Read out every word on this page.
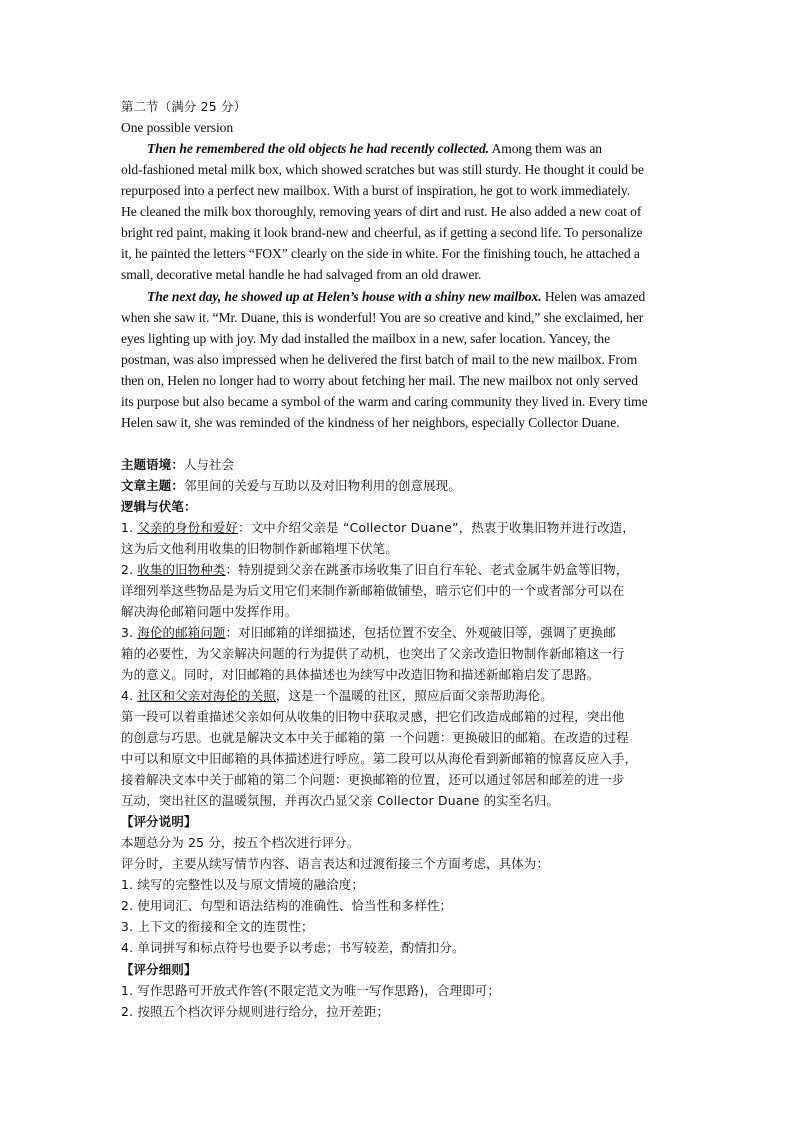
第二节（满分 25 分）
One possible version
Then he remembered the old objects he had recently collected. Among them was an
old-fashioned metal milk box, which showed scratches but was still sturdy. He thought it could be
repurposed into a perfect new mailbox. With a burst of inspiration, he got to work immediately.
He cleaned the milk box thoroughly, removing years of dirt and rust. He also added a new coat of
bright red paint, making it look brand-new and cheerful, as if getting a second life. To personalize
it, he painted the letters “FOX” clearly on the side in white. For the finishing touch, he attached a
small, decorative metal handle he had salvaged from an old drawer.
The next day, he showed up at Helen’s house with a shiny new mailbox. Helen was amazed
when she saw it. “Mr. Duane, this is wonderful! You are so creative and kind,” she exclaimed, her
eyes lighting up with joy. My dad installed the mailbox in a new, safer location. Yancey, the
postman, was also impressed when he delivered the first batch of mail to the new mailbox. From
then on, Helen no longer had to worry about fetching her mail. The new mailbox not only served
its purpose but also became a symbol of the warm and caring community they lived in. Every time
Helen saw it, she was reminded of the kindness of her neighbors, especially Collector Duane.
主题语境：人与社会
文章主题：邻里间的关爱与互助以及对旧物利用的创意展现。
逻辑与伏笔：
1. 父亲的身份和爱好：文中介绍父亲是 “Collector Duane”，热衷于收集旧物并进行改造，
这为后文他利用收集的旧物制作新邮箱埋下伏笔。
2. 收集的旧物种类：特别提到父亲在跳蚤市场收集了旧自行车轮、老式金属牛奶盒等旧物，
详细列举这些物品是为后文用它们来制作新邮箱做铺垫，暗示它们中的一个或者部分可以在
解决海伦邮箱问题中发挥作用。
3. 海伦的邮箱问题：对旧邮箱的详细描述，包括位置不安全、外观破旧等，强调了更换邮
箱的必要性，为父亲解决问题的行为提供了动机，也突出了父亲改造旧物制作新邮箱这一行
为的意义。同时，对旧邮箱的具体描述也为续写中改造旧物和描述新邮箱启发了思路。
4. 社区和父亲对海伦的关照，这是一个温暖的社区，照应后面父亲帮助海伦。
第一段可以着重描述父亲如何从收集的旧物中获取灵感，把它们改造成邮箱的过程，突出他
的创意与巧思。也就是解决文本中关于邮箱的第 一个问题：更换破旧的邮箱。在改造的过程
中可以和原文中旧邮箱的具体描述进行呼应。第二段可以从海伦看到新邮箱的惊喜反应入手，
接着解决文本中关于邮箱的第二个问题：更换邮箱的位置，还可以通过邻居和邮差的进一步
互动，突出社区的温暖氛围，并再次凸显父亲 Collector Duane 的实至名归。
【评分说明】
本题总分为 25 分，按五个档次进行评分。
评分时，主要从续写情节内容、语言表达和过渡衔接三个方面考虑，具体为：
1. 续写的完整性以及与原文情境的融洽度；
2. 使用词汇、句型和语法结构的准确性、恰当性和多样性；
3. 上下文的衔接和全文的连贯性；
4. 单词拼写和标点符号也要予以考虑；书写较差，酌情扣分。
【评分细则】
1. 写作思路可开放式作答(不限定范文为唯一写作思路)，合理即可；
2. 按照五个档次评分规则进行给分，拉开差距；
